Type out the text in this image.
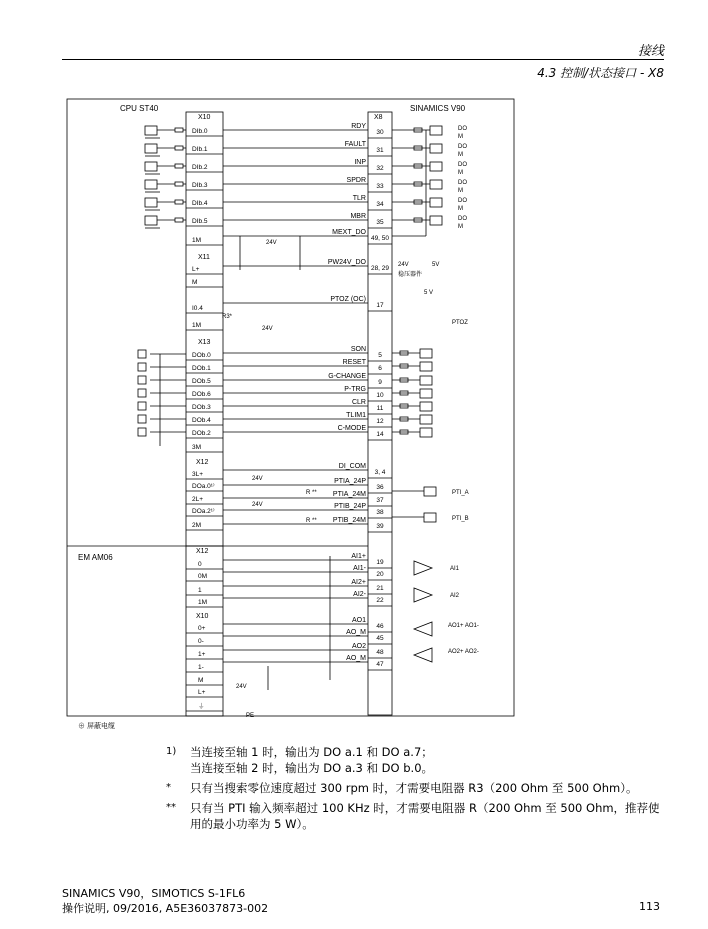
接线
4.3 控制/状态接口 - X8
CPU ST40	SINAMICS V90
EM AM06
X10	X8
X11
X13
X12
DIb.0
DIb.1
DIb.2
DIb.3
DIb.4
DIb.5
1M
L+
M
I0.4
1M
DOb.0
DOb.1
DOb.5
DOb.6
DOb.3
DOb.4
DOb.2
3M
3L+
DOa.0¹⁾
2L+
DOa.2¹⁾
2M
RDY
30
FAULT
31
INP
32
SPDR
33
TLR
34
MBR
35
MEXT_DO
49, 50
PW24V_DO
28, 29
PTOZ (OC)
17
SON
5
RESET
6
G-CHANGE
9
P-TRG
10
CLR
11
TLIM1
12
C-MODE
14
DI_COM
3, 4
PTIA_24P
36
PTIA_24M
37
PTIB_24P
38
PTIB_24M
39
AI1+
19
AI1-
20
AI2+
21
AI2-
22
AO1
46
AO_M
45
AO2
48
AO_M
47
DO
M
DO
M
DO
M
DO
M
DO
M
DO
M
24V
24V	5V
稳压器件
5 V
PTOZ
R3*
24V
24V
24V
R **
R **
PTI_A
PTI_B
X12
X10
0
0M
1
1M
0+
0-
1+
1-
M
L+
⏚
AI1
AI2
AO1+ AO1-
AO2+ AO2-
24V
PE
⊕ 屏蔽电缆
1) 当连接至轴 1 时，输出为 DO a.1 和 DO a.7；
当连接至轴 2 时，输出为 DO a.3 和 DO b.0。
* 只有当搜索零位速度超过 300 rpm 时，才需要电阻器 R3（200 Ohm 至 500 Ohm）。
** 只有当 PTI 输入频率超过 100 KHz 时，才需要电阻器 R（200 Ohm 至 500 Ohm，推荐使用的最小功率为 5 W）。
SINAMICS V90，SIMOTICS S-1FL6
操作说明, 09/2016, A5E36037873-002	113
